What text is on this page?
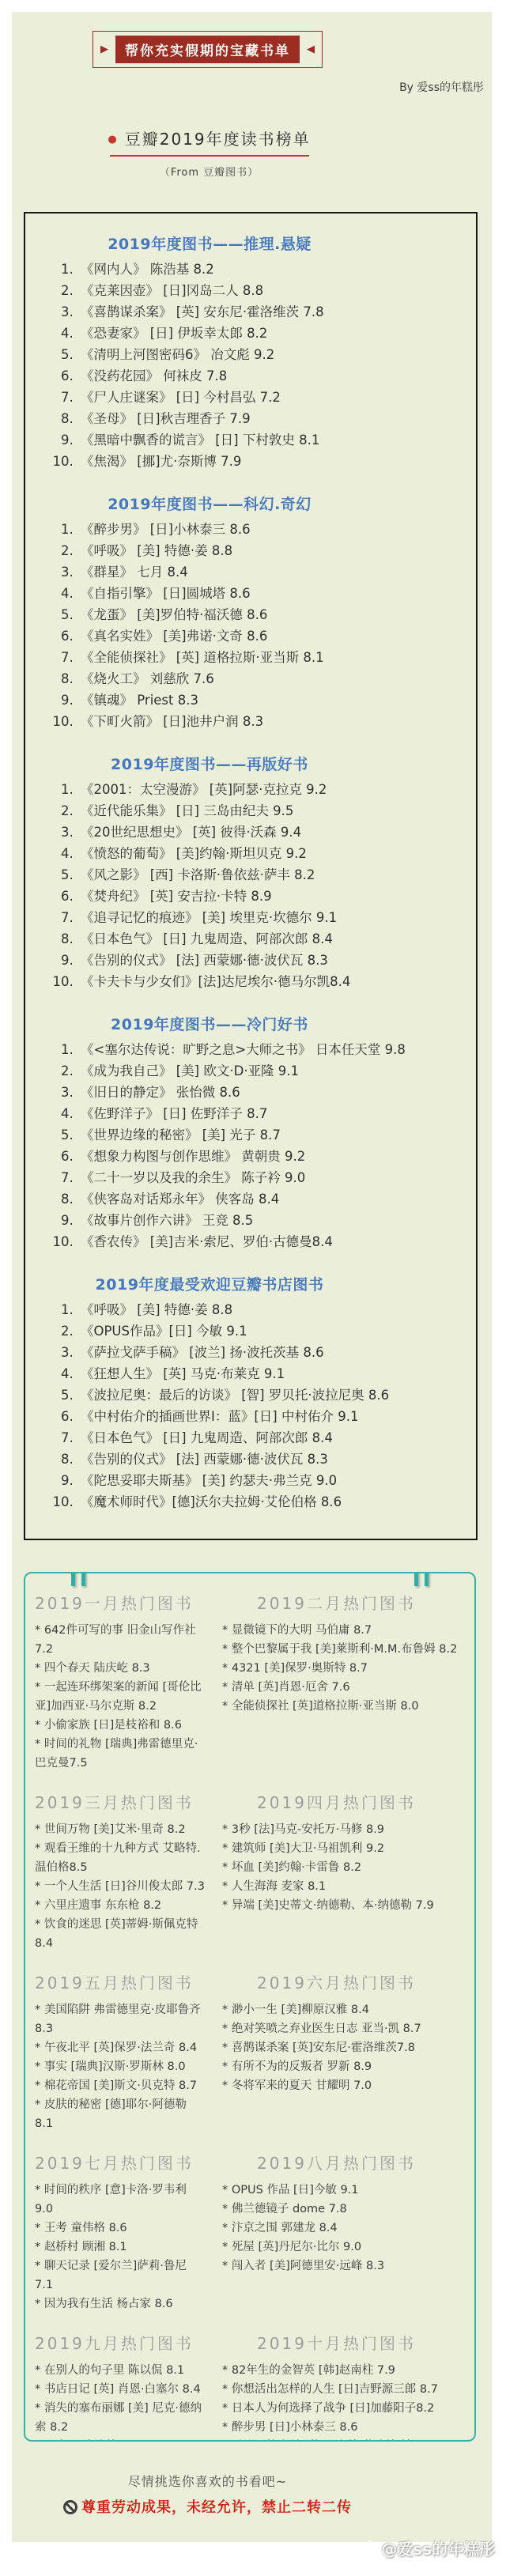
▶	帮你充实假期的宝藏书单	◀
By 爱ss的年糕彤
● 豆瓣2019年度读书榜单
（From 豆瓣图书）
2019年度图书——推理.悬疑
1. 《网内人》 陈浩基 8.2
2. 《克莱因壶》 [日]冈岛二人 8.8
3. 《喜鹊谋杀案》 [英] 安东尼·霍洛维茨 7.8
4. 《恐妻家》 [日] 伊坂幸太郎 8.2
5. 《清明上河图密码6》 冶文彪 9.2
6. 《没药花园》 何袜皮 7.8
7. 《尸人庄谜案》 [日] 今村昌弘 7.2
8. 《圣母》 [日]秋吉理香子 7.9
9. 《黑暗中飘香的谎言》 [日] 下村敦史 8.1
10. 《焦渴》 [挪]尤·奈斯博 7.9
2019年度图书——科幻.奇幻
1. 《醉步男》 [日]小林泰三 8.6
2. 《呼吸》 [美] 特德·姜 8.8
3. 《群星》 七月 8.4
4. 《自指引擎》 [日]圆城塔 8.6
5. 《龙蛋》 [美]罗伯特·福沃德 8.6
6. 《真名实姓》 [美]弗诺·文奇 8.6
7. 《全能侦探社》 [英] 道格拉斯·亚当斯 8.1
8. 《烧火工》 刘慈欣 7.6
9. 《镇魂》 Priest 8.3
10. 《下町火箭》 [日]池井户润 8.3
2019年度图书——再版好书
1. 《2001：太空漫游》 [英]阿瑟·克拉克 9.2
2. 《近代能乐集》 [日] 三岛由纪夫 9.5
3. 《20世纪思想史》 [英] 彼得·沃森 9.4
4. 《愤怒的葡萄》 [美]约翰·斯坦贝克 9.2
5. 《风之影》 [西] 卡洛斯·鲁依兹·萨丰 8.2
6. 《焚舟纪》 [英] 安吉拉·卡特 8.9
7. 《追寻记忆的痕迹》 [美] 埃里克·坎德尔 9.1
8. 《日本色气》 [日] 九鬼周造、阿部次郎 8.4
9. 《告别的仪式》 [法] 西蒙娜·德·波伏瓦 8.3
10. 《卡夫卡与少女们》[法]达尼埃尔·德马尔凯8.4
2019年度图书——冷门好书
1. 《<塞尔达传说：旷野之息>大师之书》 日本任天堂 9.8
2. 《成为我自己》 [美] 欧文·D·亚隆 9.1
3. 《旧日的静定》 张怡微 8.6
4. 《佐野洋子》 [日] 佐野洋子 8.7
5. 《世界边缘的秘密》 [美] 光子 8.7
6. 《想象力构图与创作思维》 黄朝贵 9.2
7. 《二十一岁以及我的余生》 陈子衿 9.0
8. 《侠客岛对话郑永年》 侠客岛 8.4
9. 《故事片创作六讲》 王竞 8.5
10. 《香农传》 [美]吉米·索尼、罗伯·古德曼8.4
2019年度最受欢迎豆瓣书店图书
1. 《呼吸》 [美] 特德·姜 8.8
2. 《OPUS作品》[日] 今敏 9.1
3. 《萨拉戈萨手稿》 [波兰] 扬·波托茨基 8.6
4. 《狂想人生》 [英] 马克·布莱克 9.1
5. 《波拉尼奥：最后的访谈》 [智] 罗贝托·波拉尼奥 8.6
6. 《中村佑介的插画世界I：蓝》[日] 中村佑介 9.1
7. 《日本色气》 [日] 九鬼周造、阿部次郎 8.4
8. 《告别的仪式》 [法] 西蒙娜·德·波伏瓦 8.3
9. 《陀思妥耶夫斯基》 [美] 约瑟夫·弗兰克 9.0
10. 《魔术师时代》[德]沃尔夫拉姆·艾伦伯格 8.6
2019一月热门图书
* 642件可写的事 旧金山写作社 7.2
* 四个春天 陆庆屹 8.3
* 一起连环绑架案的新闻 [哥伦比亚]加西亚·马尔克斯 8.2
* 小偷家族 [日]是枝裕和 8.6
* 时间的礼物 [瑞典]弗雷德里克·巴克曼7.5
2019二月热门图书
* 显微镜下的大明 马伯庸 8.7
* 整个巴黎属于我 [美]莱斯利·M.M.布鲁姆 8.2
* 4321 [美]保罗·奥斯特 8.7
* 清单 [英]肖恩·厄舍 7.6
* 全能侦探社 [英]道格拉斯·亚当斯 8.0
2019三月热门图书
* 世间万物 [美]艾米·里奇 8.2
* 观看王维的十九种方式 艾略特.温伯格8.5
* 一个人生活 [日]谷川俊太郎 7.3
* 六里庄遗事 东东枪 8.2
* 饮食的迷思 [英]蒂姆·斯佩克特 8.4
2019四月热门图书
* 3秒 [法]马克-安托万·马修 8.9
* 建筑师 [美]大卫·马祖凯利 9.2
* 坏血 [美]约翰·卡雷鲁 8.2
* 人生海海 麦家 8.1
* 异端 [美]史蒂文·纳德勒、本·纳德勒 7.9
2019五月热门图书
* 美国陷阱 弗雷德里克·皮耶鲁齐 8.3
* 午夜北平 [英]保罗·法兰奇 8.4
* 事实 [瑞典]汉斯·罗斯林 8.0
* 棉花帝国 [美]斯文·贝克特 8.7
* 皮肤的秘密 [德]耶尔·阿德勒 8.1
2019六月热门图书
* 渺小一生 [美]柳原汉雅 8.4
* 绝对笑喷之弃业医生日志 亚当·凯 8.7
* 喜鹊谋杀案 [英]安东尼·霍洛维茨7.8
* 有所不为的反叛者 罗新 8.9
* 冬将军来的夏天 甘耀明 7.0
2019七月热门图书
* 时间的秩序 [意]卡洛·罗韦利 9.0
* 王考 童伟格 8.6
* 赵桥村 顾湘 8.1
* 聊天记录 [爱尔兰]萨莉·鲁尼 7.1
* 因为我有生活 杨占家 8.6
2019八月热门图书
* OPUS 作品 [日]今敏 9.1
* 佛兰德镜子 dome 7.8
* 汴京之围 郭建龙 8.4
* 死屋 [英]丹尼尔·比尔 9.0
* 闯入者 [美]阿德里安·远峰 8.3
2019九月热门图书
* 在别人的句子里 陈以侃 8.1
* 书店日记 [英] 肖恩·白塞尔 8.4
* 消失的塞布丽娜 [美] 尼克·德纳索 8.2
2019十月热门图书
* 82年生的金智英 [韩]赵南柱 7.9
* 你想活出怎样的人生 [日]吉野源三郎 8.7
* 日本人为何选择了战争 [日]加藤阳子8.2
* 醉步男 [日]小林泰三 8.6
尽情挑选你喜欢的书看吧~
尊重劳动成果，未经允许，禁止二转二传
@爱ss的年糕彤
